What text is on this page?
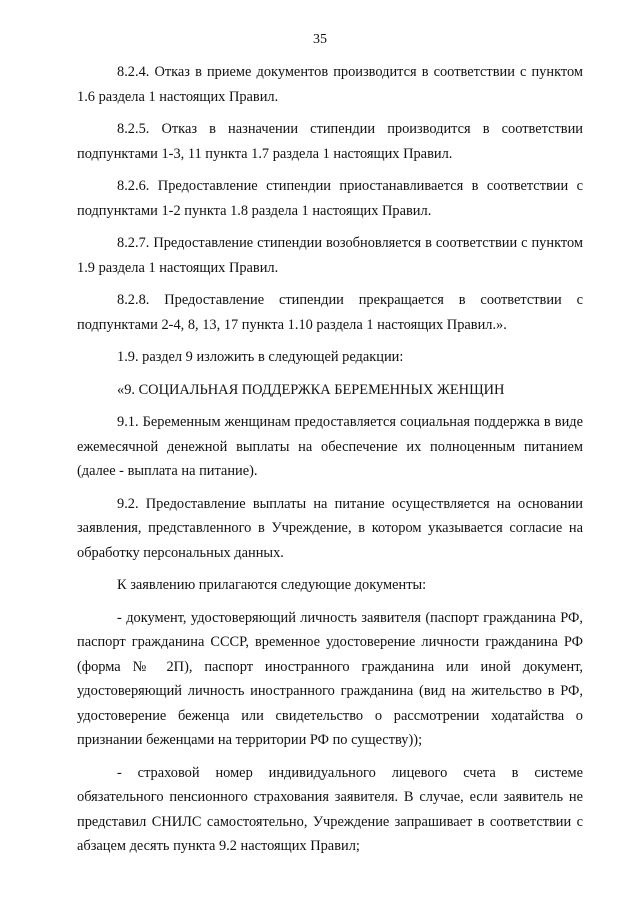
35

8.2.4. Отказ в приеме документов производится в соответствии с пунктом 1.6 раздела 1 настоящих Правил.

8.2.5. Отказ в назначении стипендии производится в соответствии подпунктами 1-3, 11 пункта 1.7 раздела 1 настоящих Правил.

8.2.6. Предоставление стипендии приостанавливается в соответствии с подпунктами 1-2 пункта 1.8 раздела 1 настоящих Правил.

8.2.7. Предоставление стипендии возобновляется в соответствии с пунктом 1.9 раздела 1 настоящих Правил.

8.2.8. Предоставление стипендии прекращается в соответствии с подпунктами 2-4, 8, 13, 17 пункта 1.10 раздела 1 настоящих Правил.».

1.9. раздел 9 изложить в следующей редакции:

«9. СОЦИАЛЬНАЯ ПОДДЕРЖКА БЕРЕМЕННЫХ ЖЕНЩИН

9.1. Беременным женщинам предоставляется социальная поддержка в виде ежемесячной денежной выплаты на обеспечение их полноценным питанием (далее - выплата на питание).

9.2. Предоставление выплаты на питание осуществляется на основании заявления, представленного в Учреждение, в котором указывается согласие на обработку персональных данных.

К заявлению прилагаются следующие документы:

- документ, удостоверяющий личность заявителя (паспорт гражданина РФ, паспорт гражданина СССР, временное удостоверение личности гражданина РФ (форма № 2П), паспорт иностранного гражданина или иной документ, удостоверяющий личность иностранного гражданина (вид на жительство в РФ, удостоверение беженца или свидетельство о рассмотрении ходатайства о признании беженцами на территории РФ по существу));

- страховой номер индивидуального лицевого счета в системе обязательного пенсионного страхования заявителя. В случае, если заявитель не представил СНИЛС самостоятельно, Учреждение запрашивает в соответствии с абзацем десять пункта 9.2 настоящих Правил;
